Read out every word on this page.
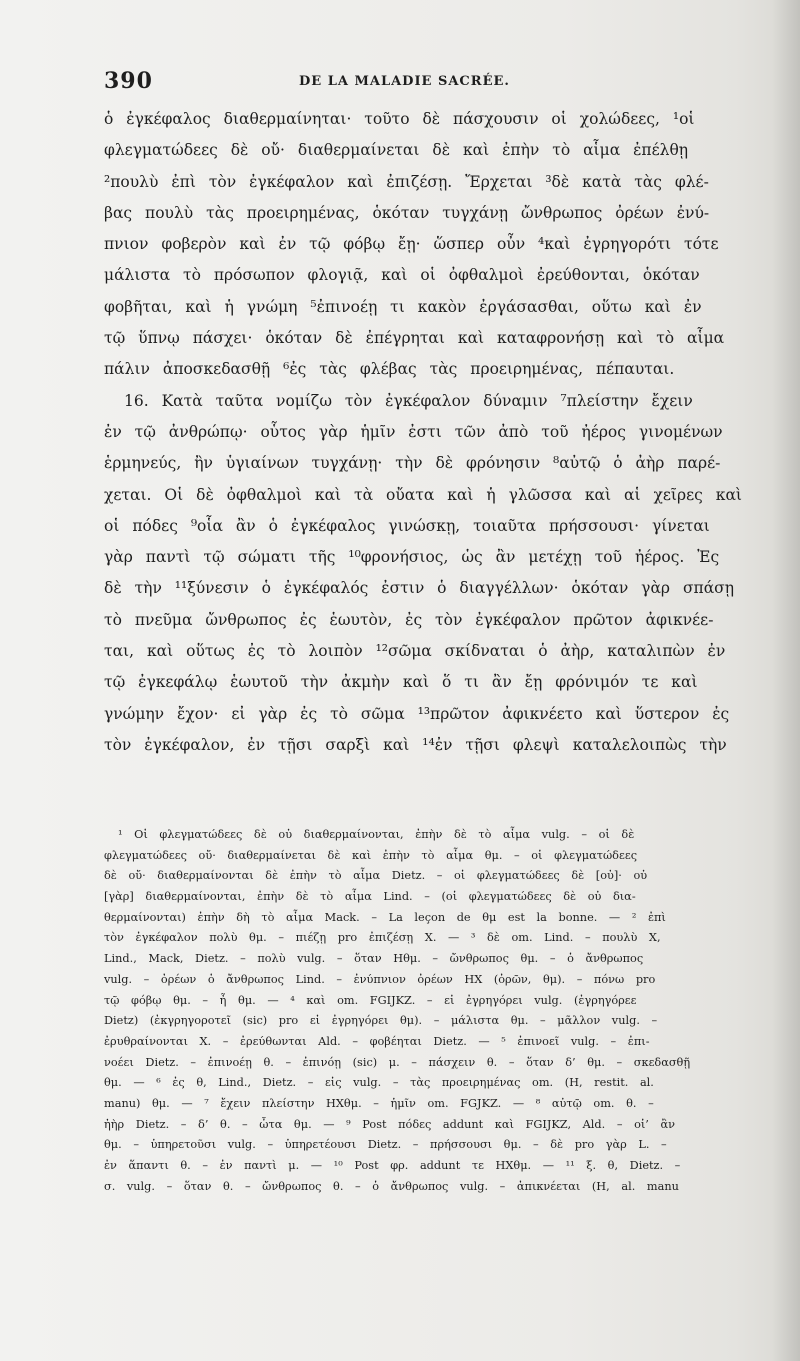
390	DE LA MALADIE SACRÉE.
ὁ ἐγκέφαλος διαθερμαίνηται· τοῦτο δὲ πάσχουσιν οἱ χολώδεες, ¹οἱ
φλεγματώδεες δὲ οὔ· διαθερμαίνεται δὲ καὶ ἐπὴν τὸ αἷμα ἐπέλθῃ
²πουλὺ ἐπὶ τὸν ἐγκέφαλον καὶ ἐπιζέσῃ. Ἔρχεται ³δὲ κατὰ τὰς φλέ-
βας πουλὺ τὰς προειρημένας, ὁκόταν τυγχάνῃ ὤνθρωπος ὀρέων ἐνύ-
πνιον φοβερὸν καὶ ἐν τῷ φόβῳ ἔῃ· ὥσπερ οὖν ⁴καὶ ἐγρηγορότι τότε
μάλιστα τὸ πρόσωπον φλογιᾷ, καὶ οἱ ὀφθαλμοὶ ἐρεύθονται, ὁκόταν
φοβῆται, καὶ ἡ γνώμη ⁵ἐπινοέῃ τι κακὸν ἐργάσασθαι, οὕτω καὶ ἐν
τῷ ὕπνῳ πάσχει· ὁκόταν δὲ ἐπέγρηται καὶ καταφρονήσῃ καὶ τὸ αἷμα
πάλιν ἀποσκεδασθῇ ⁶ἐς τὰς φλέβας τὰς προειρημένας, πέπαυται.
16. Κατὰ ταῦτα νομίζω τὸν ἐγκέφαλον δύναμιν ⁷πλείστην ἔχειν
ἐν τῷ ἀνθρώπῳ· οὗτος γὰρ ἡμῖν ἐστι τῶν ἀπὸ τοῦ ἠέρος γινομένων
ἑρμηνεύς, ἢν ὑγιαίνων τυγχάνῃ· τὴν δὲ φρόνησιν ⁸αὐτῷ ὁ ἀὴρ παρέ-
χεται. Οἱ δὲ ὀφθαλμοὶ καὶ τὰ οὔατα καὶ ἡ γλῶσσα καὶ αἱ χεῖρες καὶ
οἱ πόδες ⁹οἷα ἂν ὁ ἐγκέφαλος γινώσκῃ, τοιαῦτα πρήσσουσι· γίνεται
γὰρ παντὶ τῷ σώματι τῆς ¹⁰φρονήσιος, ὡς ἂν μετέχῃ τοῦ ἠέρος. Ἐς
δὲ τὴν ¹¹ξύνεσιν ὁ ἐγκέφαλός ἐστιν ὁ διαγγέλλων· ὁκόταν γὰρ σπάσῃ
τὸ πνεῦμα ὤνθρωπος ἐς ἑωυτὸν, ἐς τὸν ἐγκέφαλον πρῶτον ἀφικνέε-
ται, καὶ οὕτως ἐς τὸ λοιπὸν ¹²σῶμα σκίδναται ὁ ἀὴρ, καταλιπὼν ἐν
τῷ ἐγκεφάλῳ ἑωυτοῦ τὴν ἀκμὴν καὶ ὅ τι ἂν ἔῃ φρόνιμόν τε καὶ
γνώμην ἔχον· εἰ γὰρ ἐς τὸ σῶμα ¹³πρῶτον ἀφικνέετο καὶ ὕστερον ἐς
τὸν ἐγκέφαλον, ἐν τῇσι σαρξὶ καὶ ¹⁴ἐν τῇσι φλεψὶ καταλελοιπὼς τὴν
¹ Οἱ φλεγματώδεες δὲ οὐ διαθερμαίνονται, ἐπὴν δὲ τὸ αἷμα vulg. – οἱ δὲ
φλεγματώδεες οὔ· διαθερμαίνεται δὲ καὶ ἐπὴν τὸ αἷμα θμ. – οἱ φλεγματώδεες
δὲ οὔ· διαθερμαίνονται δὲ ἐπὴν τὸ αἷμα Dietz. – οἱ φλεγματώδεες δὲ [οὐ]· οὐ
[γὰρ] διαθερμαίνονται, ἐπὴν δὲ τὸ αἷμα Lind. – (οἱ φλεγματώδεες δὲ οὐ δια-
θερμαίνονται) ἐπὴν δὴ τὸ αἷμα Mack. – La leçon de θμ est la bonne. — ² ἐπὶ
τὸν ἐγκέφαλον πολὺ θμ. – πιέζῃ pro ἐπιζέσῃ X. — ³ δὲ om. Lind. – πουλὺ X,
Lind., Mack, Dietz. – πολὺ vulg. – ὅταν Hθμ. – ὤνθρωπος θμ. – ὁ ἄνθρωπος
vulg. – ὀρέων ὁ ἄνθρωπος Lind. – ἐνύπνιον ὀρέων HX (ὀρῶν, θμ). – πόνω pro
τῷ φόβῳ θμ. – ἦ θμ. — ⁴ καὶ om. FGIJKZ. – εἰ ἐγρηγόρει vulg. (ἐγρηγόρεε
Dietz) (ἐκγρηγοροτεῖ (sic) pro εἰ ἐγρηγόρει θμ). – μάλιστα θμ. – μᾶλλον vulg. –
ἐρυθραίνονται X. – ἐρεύθωνται Ald. – φοβέηται Dietz. — ⁵ ἐπινοεῖ vulg. – ἐπι-
νοέει Dietz. – ἐπινοέῃ θ. – ἐπινόῃ (sic) μ. – πάσχειν θ. – ὅταν δ’ θμ. – σκεδασθῇ
θμ. — ⁶ ἐς θ, Lind., Dietz. – εἰς vulg. – τὰς προειρημένας om. (H, restit. al.
manu) θμ. — ⁷ ἔχειν πλείστην HXθμ. – ἡμῖν om. FGJKZ. — ⁸ αὐτῷ om. θ. –
ἠὴρ Dietz. – δ’ θ. – ὦτα θμ. — ⁹ Post πόδες addunt καὶ FGIJKZ, Ald. – οἱ’ ἂν
θμ. – ὑπηρετοῦσι vulg. – ὑπηρετέουσι Dietz. – πρήσσουσι θμ. – δὲ pro γὰρ L. –
ἐν ἅπαντι θ. – ἐν παντὶ μ. — ¹⁰ Post φρ. addunt τε HXθμ. — ¹¹ ξ. θ, Dietz. –
σ. vulg. – ὅταν θ. – ὤνθρωπος θ. – ὁ ἄνθρωπος vulg. – ἀπικνέεται (H, al. manu
